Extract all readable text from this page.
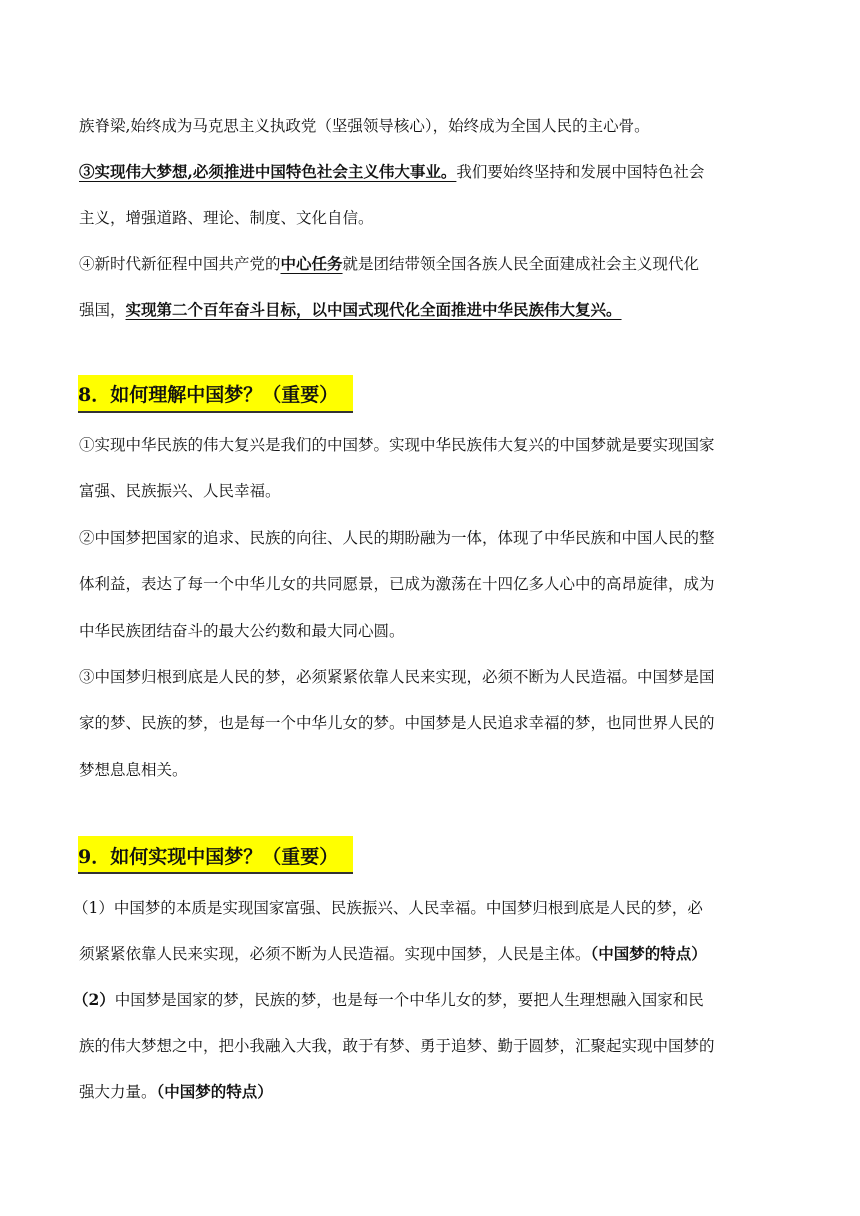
族脊梁,始终成为马克思主义执政党（坚强领导核心），始终成为全国人民的主心骨。
③实现伟大梦想,必须推进中国特色社会主义伟大事业。我们要始终坚持和发展中国特色社会
主义，增强道路、理论、制度、文化自信。
④新时代新征程中国共产党的中心任务就是团结带领全国各族人民全面建成社会主义现代化
强国，实现第二个百年奋斗目标，以中国式现代化全面推进中华民族伟大复兴。
8．如何理解中国梦？（重要）
①实现中华民族的伟大复兴是我们的中国梦。实现中华民族伟大复兴的中国梦就是要实现国家
富强、民族振兴、人民幸福。
②中国梦把国家的追求、民族的向往、人民的期盼融为一体，体现了中华民族和中国人民的整
体利益，表达了每一个中华儿女的共同愿景，已成为激荡在十四亿多人心中的高昂旋律，成为
中华民族团结奋斗的最大公约数和最大同心圆。
③中国梦归根到底是人民的梦，必须紧紧依靠人民来实现，必须不断为人民造福。中国梦是国
家的梦、民族的梦，也是每一个中华儿女的梦。中国梦是人民追求幸福的梦，也同世界人民的
梦想息息相关。
9．如何实现中国梦？（重要）
（1）中国梦的本质是实现国家富强、民族振兴、人民幸福。中国梦归根到底是人民的梦，必
须紧紧依靠人民来实现，必须不断为人民造福。实现中国梦，人民是主体。（中国梦的特点）
（2）中国梦是国家的梦，民族的梦，也是每一个中华儿女的梦，要把人生理想融入国家和民
族的伟大梦想之中，把小我融入大我，敢于有梦、勇于追梦、勤于圆梦，汇聚起实现中国梦的
强大力量。（中国梦的特点）
